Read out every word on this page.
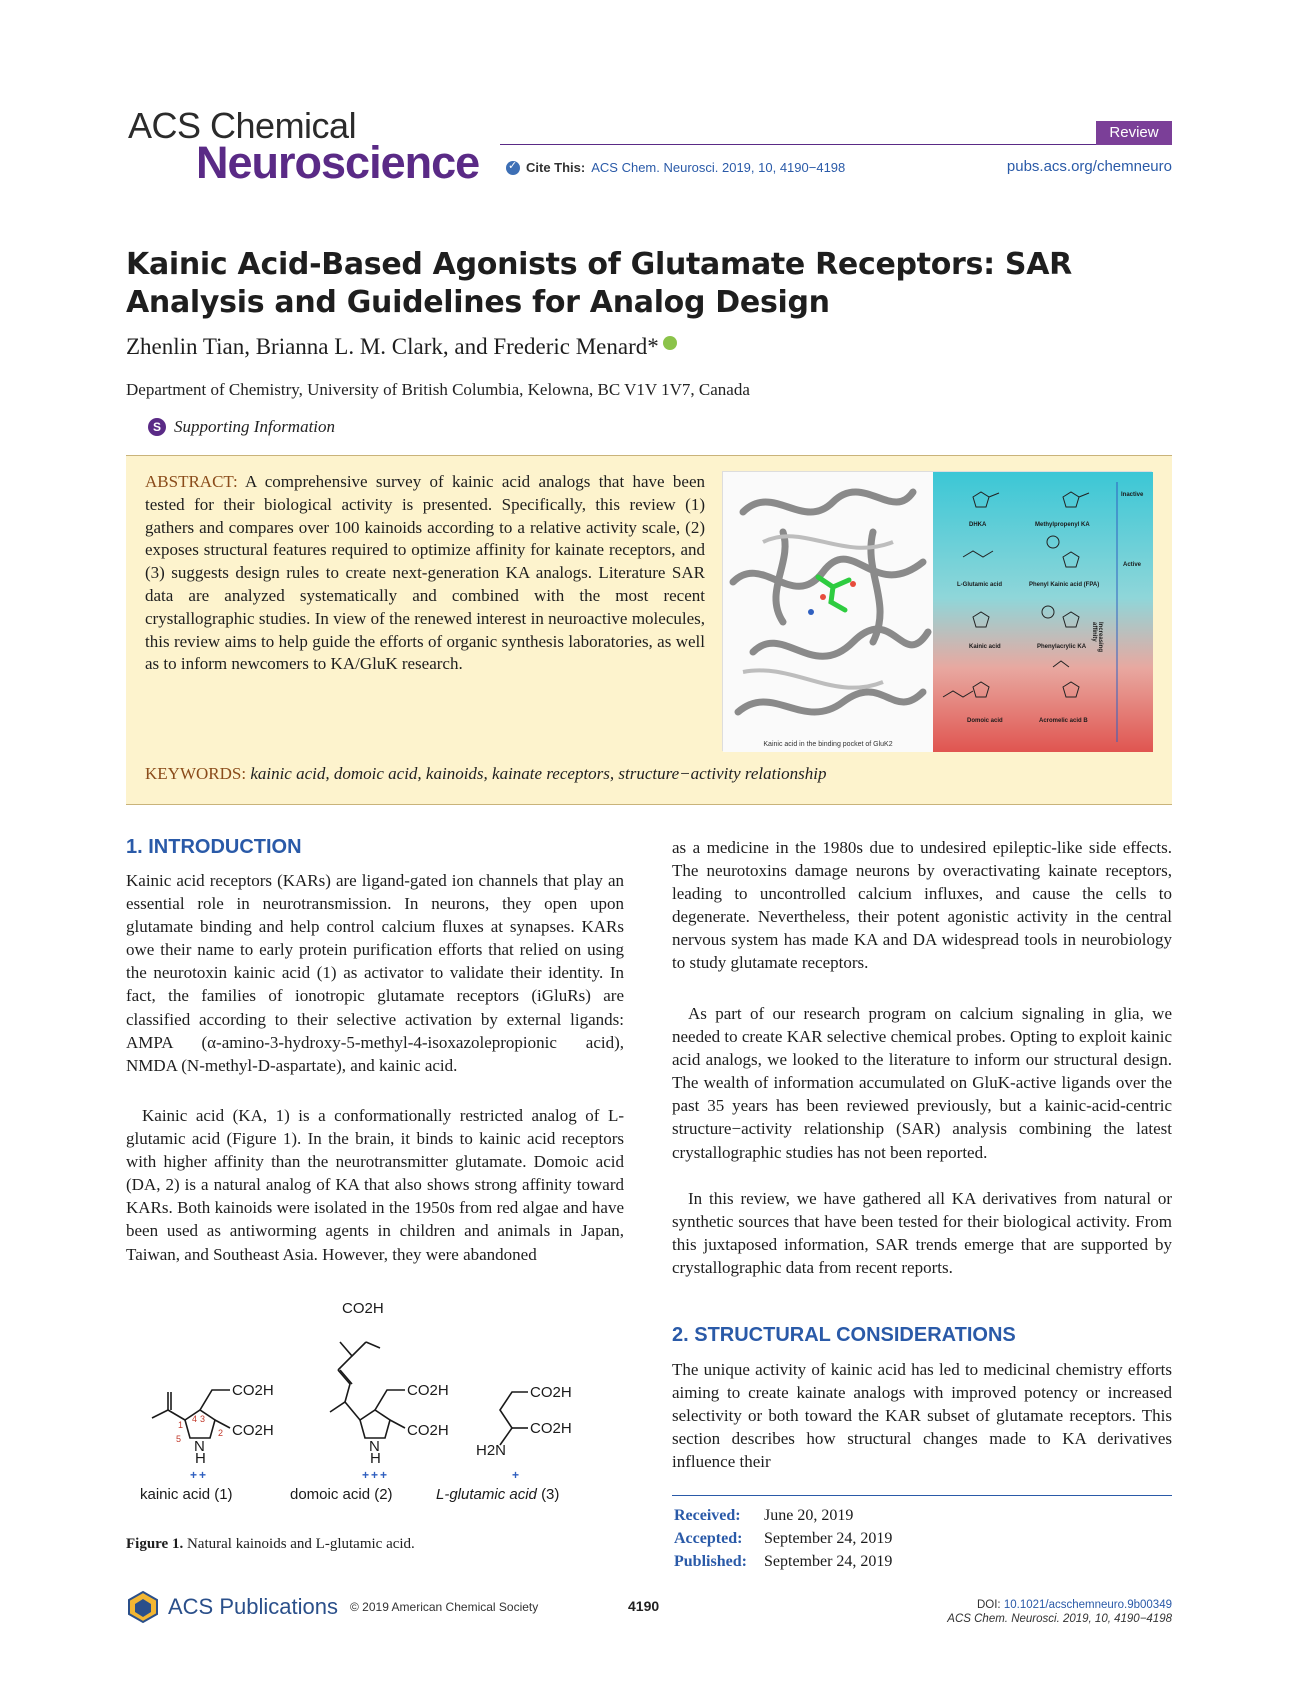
ACS Chemical
Neuroscience
Review
✓
Cite This: ACS Chem. Neurosci. 2019, 10, 4190−4198	pubs.acs.org/chemneuro
Kainic Acid-Based Agonists of Glutamate Receptors: SAR Analysis and Guidelines for Analog Design
Zhenlin Tian, Brianna L. M. Clark, and Frederic Menard*
Department of Chemistry, University of British Columbia, Kelowna, BC V1V 1V7, Canada
S Supporting Information
ABSTRACT: A comprehensive survey of kainic acid analogs that have been tested for their biological activity is presented. Specifically, this review (1) gathers and compares over 100 kainoids according to a relative activity scale, (2) exposes structural features required to optimize affinity for kainate receptors, and (3) suggests design rules to create next-generation KA analogs. Literature SAR data are analyzed systematically and combined with the most recent crystallographic studies. In view of the renewed interest in neuroactive molecules, this review aims to help guide the efforts of organic synthesis laboratories, as well as to inform newcomers to KA/GluK research.
KEYWORDS: kainic acid, domoic acid, kainoids, kainate receptors, structure−activity relationship
Kainic acid in the binding pocket of GluK2
DHKA	Methylpropenyl KA
L-Glutamic acid	Phenyl Kainic acid (FPA)
Kainic acid	Phenylacrylic KA
Domoic acid	Acromelic acid B
Inactive
Active
Increasing affinity
1. INTRODUCTION
Kainic acid receptors (KARs) are ligand-gated ion channels that play an essential role in neurotransmission. In neurons, they open upon glutamate binding and help control calcium fluxes at synapses. KARs owe their name to early protein purification efforts that relied on using the neurotoxin kainic acid (1) as activator to validate their identity. In fact, the families of ionotropic glutamate receptors (iGluRs) are classified according to their selective activation by external ligands: AMPA (α-amino-3-hydroxy-5-methyl-4-isoxazolepropionic acid), NMDA (N-methyl-D-aspartate), and kainic acid.
Kainic acid (KA, 1) is a conformationally restricted analog of L-glutamic acid (Figure 1). In the brain, it binds to kainic acid receptors with higher affinity than the neurotransmitter glutamate. Domoic acid (DA, 2) is a natural analog of KA that also shows strong affinity toward KARs. Both kainoids were isolated in the 1950s from red algae and have been used as antiworming agents in children and animals in Japan, Taiwan, and Southeast Asia. However, they were abandoned
1
3
2
5
4
CO2H
CO2H
N
H
CO2H
CO2H
CO2H
N
H
CO2H
CO2H
H2N
++	+++	+
kainic acid (1)	domoic acid (2)	L-glutamic acid (3)
Figure 1. Natural kainoids and L-glutamic acid.
as a medicine in the 1980s due to undesired epileptic-like side effects. The neurotoxins damage neurons by overactivating kainate receptors, leading to uncontrolled calcium influxes, and cause the cells to degenerate. Nevertheless, their potent agonistic activity in the central nervous system has made KA and DA widespread tools in neurobiology to study glutamate receptors.
As part of our research program on calcium signaling in glia, we needed to create KAR selective chemical probes. Opting to exploit kainic acid analogs, we looked to the literature to inform our structural design. The wealth of information accumulated on GluK-active ligands over the past 35 years has been reviewed previously, but a kainic-acid-centric structure−activity relationship (SAR) analysis combining the latest crystallographic studies has not been reported.
In this review, we have gathered all KA derivatives from natural or synthetic sources that have been tested for their biological activity. From this juxtaposed information, SAR trends emerge that are supported by crystallographic data from recent reports.
2. STRUCTURAL CONSIDERATIONS
The unique activity of kainic acid has led to medicinal chemistry efforts aiming to create kainate analogs with improved potency or increased selectivity or both toward the KAR subset of glutamate receptors. This section describes how structural changes made to KA derivatives influence their
Received: June 20, 2019
Accepted: September 24, 2019
Published: September 24, 2019
ACS Publications © 2019 American Chemical Society	4190	DOI: 10.1021/acschemneuro.9b00349
ACS Chem. Neurosci. 2019, 10, 4190−4198
